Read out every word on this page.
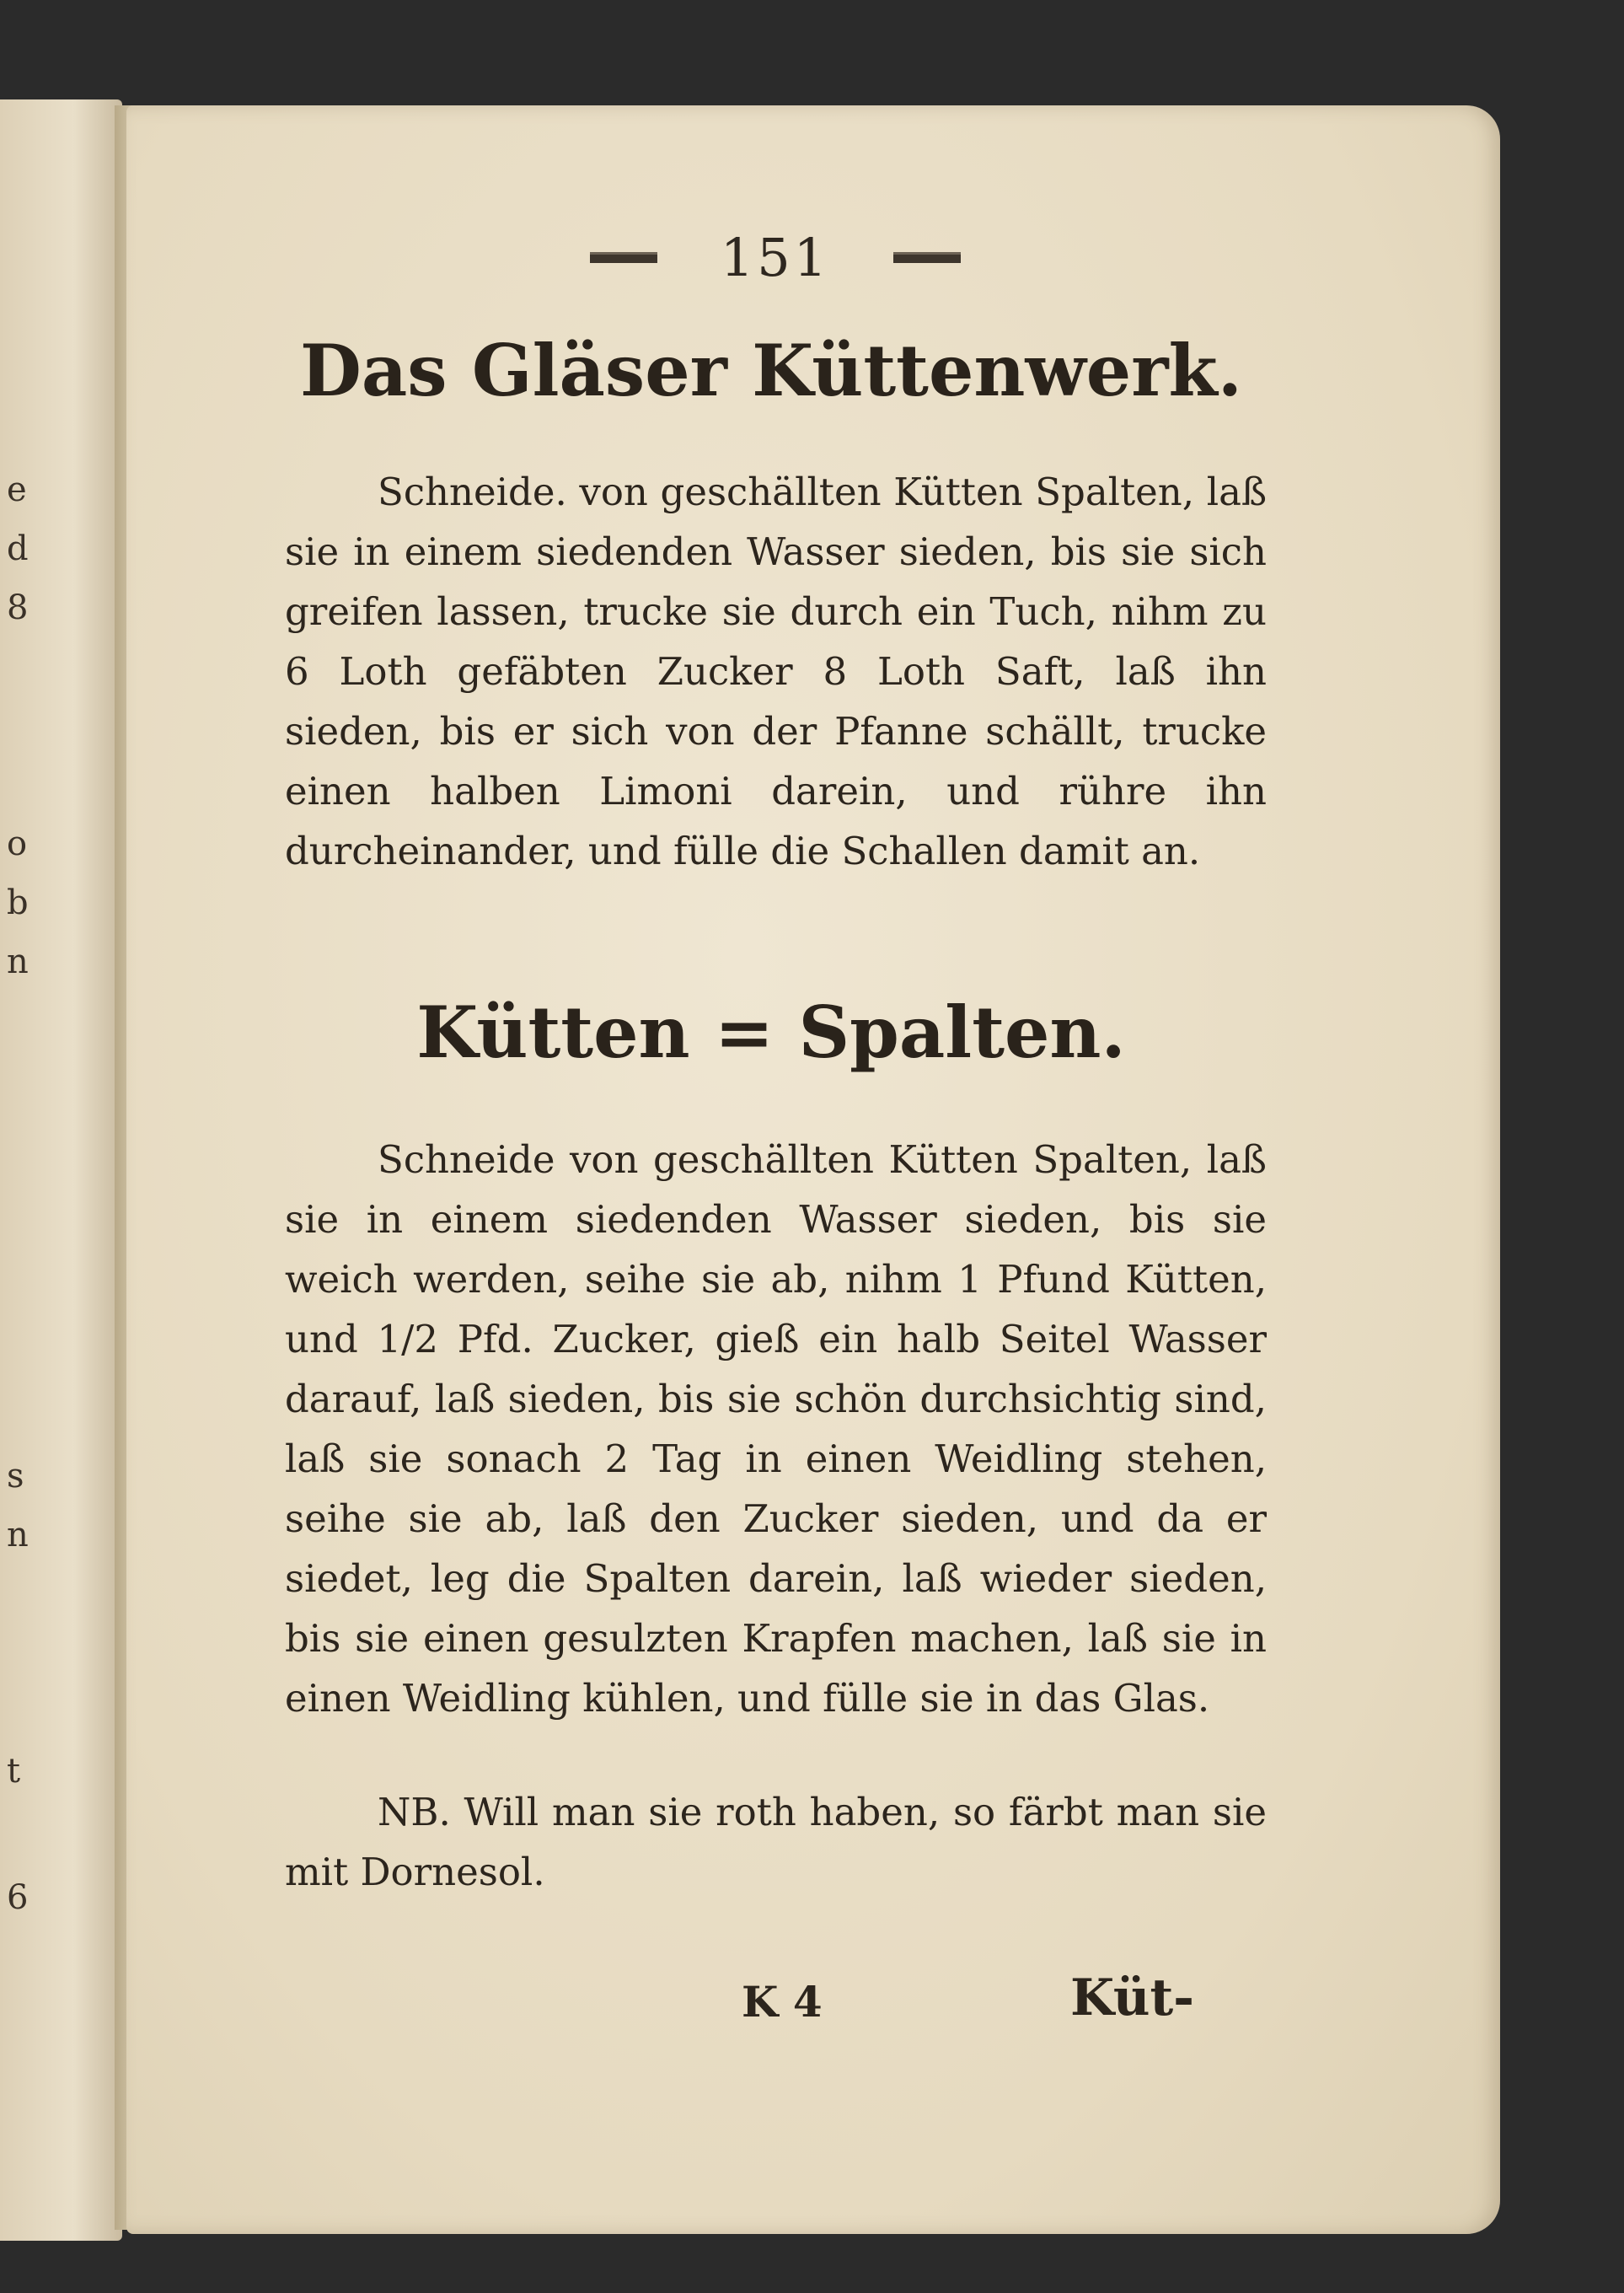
e
d
8
o
b
n
s
n
t
6
151
Das Gläser Küttenwerk.

Schneide. von geschällten Kütten Spalten, laß sie in einem siedenden Wasser sieden, bis sie sich greifen lassen, trucke sie durch ein Tuch, nihm zu 6 Loth gefäbten Zucker 8 Loth Saft, laß ihn sieden, bis er sich von der Pfanne schällt, trucke einen halben Limoni darein, und rühre ihn durcheinander, und fülle die Schallen damit an.

Kütten = Spalten.

Schneide von geschällten Kütten Spalten, laß sie in einem siedenden Wasser sieden, bis sie weich werden, seihe sie ab, nihm 1 Pfund Kütten, und 1/2 Pfd. Zucker, gieß ein halb Seitel Wasser darauf, laß sieden, bis sie schön durchsichtig sind, laß sie sonach 2 Tag in einen Weidling stehen, seihe sie ab, laß den Zucker sieden, und da er siedet, leg die Spalten darein, laß wieder sieden, bis sie einen gesulzten Krapfen machen, laß sie in einen Weidling kühlen, und fülle sie in das Glas.

NB. Will man sie roth haben, so färbt man sie mit Dornesol.

K 4	Küt-
